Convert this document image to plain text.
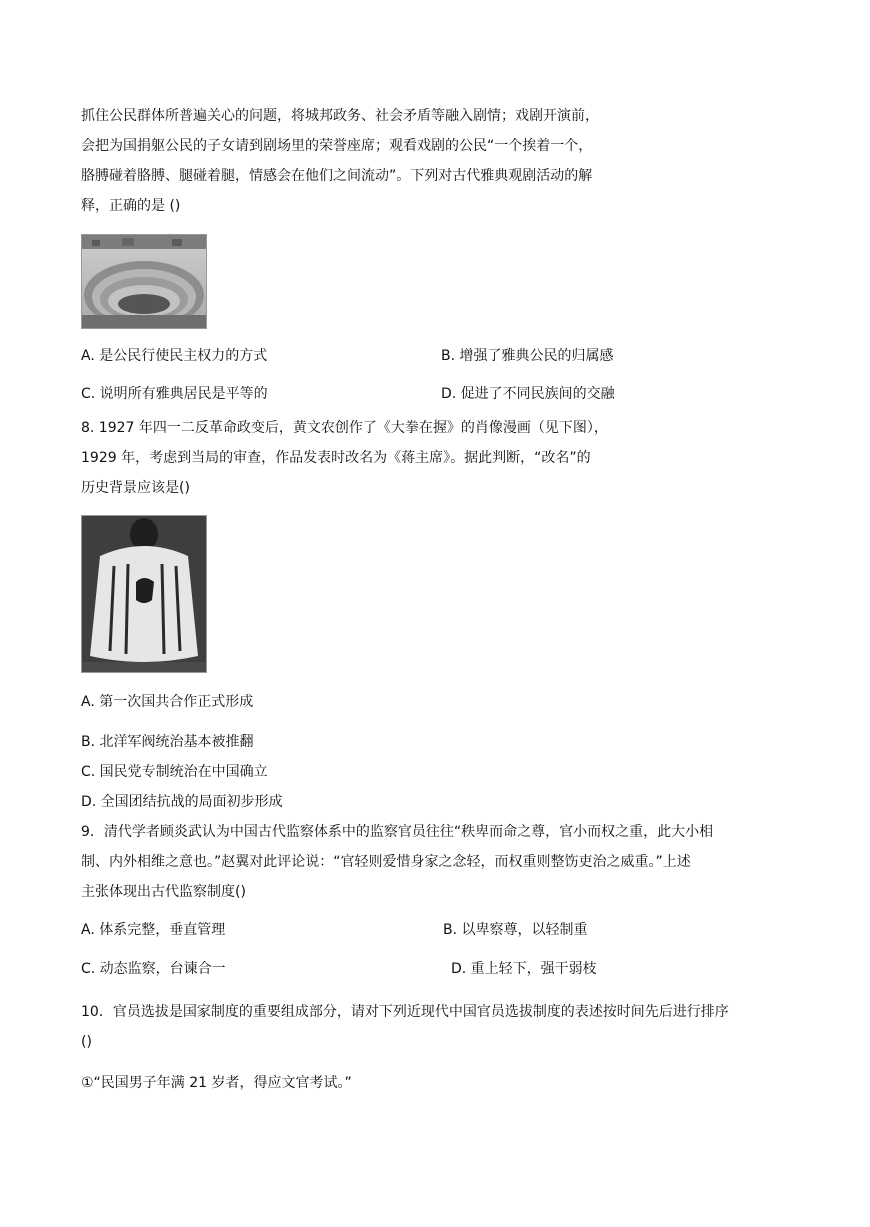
抓住公民群体所普遍关心的问题，将城邦政务、社会矛盾等融入剧情；戏剧开演前，
会把为国捐躯公民的子女请到剧场里的荣誉座席；观看戏剧的公民“一个挨着一个，
胳膊碰着胳膊、腿碰着腿，情感会在他们之间流动”。下列对古代雅典观剧活动的解
释，正确的是 ()
A. 是公民行使民主权力的方式	B. 增强了雅典公民的归属感
C. 说明所有雅典居民是平等的	D. 促进了不同民族间的交融
8. 1927 年四一二反革命政变后，黄文农创作了《大拳在握》的肖像漫画（见下图），
1929 年，考虑到当局的审查，作品发表时改名为《蒋主席》。据此判断，“改名”的
历史背景应该是()
A. 第一次国共合作正式形成
B. 北洋军阀统治基本被推翻
C. 国民党专制统治在中国确立
D. 全国团结抗战的局面初步形成
9．清代学者顾炎武认为中国古代监察体系中的监察官员往往“秩卑而命之尊，官小而权之重，此大小相
制、内外相维之意也。”赵翼对此评论说：“官轻则爱惜身家之念轻，而权重则整饬吏治之威重。”上述
主张体现出古代监察制度()
A. 体系完整，垂直管理	B. 以卑察尊，以轻制重
C. 动态监察，台谏合一	D. 重上轻下，强干弱枝
10．官员选拔是国家制度的重要组成部分，请对下列近现代中国官员选拔制度的表述按时间先后进行排序
()
①“民国男子年满 21 岁者，得应文官考试。”
